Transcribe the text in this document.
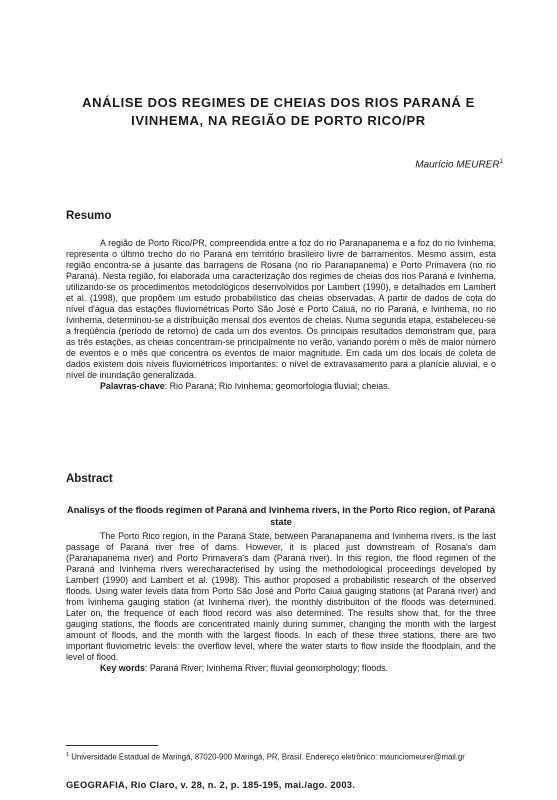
ANÁLISE DOS REGIMES DE CHEIAS DOS RIOS PARANÁ E IVINHEMA, NA REGIÃO DE PORTO RICO/PR
Maurício MEURER$^1$
Resumo

A região de Porto Rico/PR, compreendida entre a foz do rio Paranapanema e a foz do rio Ivinhema, representa o último trecho do rio Paraná em território brasileiro livre de barramentos. Mesmo assim, esta região encontra-se à jusante das barragens de Rosana (no rio Paranapanema) e Porto Primavera (no rio Paraná). Nesta região, foi elaborada uma caracterização dos regimes de cheias dos rios Paraná e Ivinhema, utilizando-se os procedimentos metodológicos desenvolvidos por Lambert (1990), e detalhados em Lambert et al. (1998), que propõem um estudo probabilístico das cheias observadas. A partir de dados de cota do nível d'água das estações fluviométricas Porto São José e Porto Caiuá, no rio Paraná, e Ivinhema, no rio Ivinhema, determinou-se a distribuição mensal dos eventos de cheias. Numa segunda etapa, estabeleceu-se a freqüência (período de retorno) de cada um dos eventos. Os principais resultados demonstram que, para as três estações, as cheias concentram-se principalmente no verão, variando porém o mês de maior número de eventos e o mês que concentra os eventos de maior magnitude. Em cada um dos locais de coleta de dados existem dois níveis fluviométricos importantes: o nível de extravasamento para a planície aluvial, e o nível de inundação generalizada.

Palavras-chave: Rio Paraná; Rio Ivinhema; geomorfologia fluvial; cheias.

Abstract
Analisys of the floods regimen of Paraná and Ivinhema rivers, in the Porto Rico region, of Paraná state

The Porto Rico region, in the Paraná State, between Paranapanema and Ivinhema rivers, is the last passage of Paraná river free of dams. However, it is placed just downstream of Rosana's dam (Paranapanema river) and Porto Primavera's dam (Paraná river). In this region, the flood regimen of the Paraná and Ivinhema rivers werecharacterised by using the methodological proceedings developed by Lambert (1990) and Lambert et al. (1998). This author proposed a probabilistic research of the observed floods. Using water levels data from Porto São José and Porto Caiuá gauging stations (at Paraná river) and from Ivinhema gauging station (at Ivinhema river), the monthly distribuiton of the floods was determined. Later on, the frequence of each flood record was also determined. The results show that, for the three gauging stations, the floods are concentrated mainly during summer, changing the month with the largest amount of floods, and the month with the largest floods. In each of these three stations, there are two important fluviometric levels: the overflow level, where the water starts to flow inside the floodplain, and the level of flood.

Key words: Paraná River; Ivinhema River; fluvial geomorphology; floods.

$^1$ Universidade Estadual de Maringá, 87020-900 Maringá, PR, Brasil. Endereço eletrônico: mauriciomeurer@mail.gr
GEOGRAFIA, Rio Claro, v. 28, n. 2, p. 185-195, mai./ago. 2003.
